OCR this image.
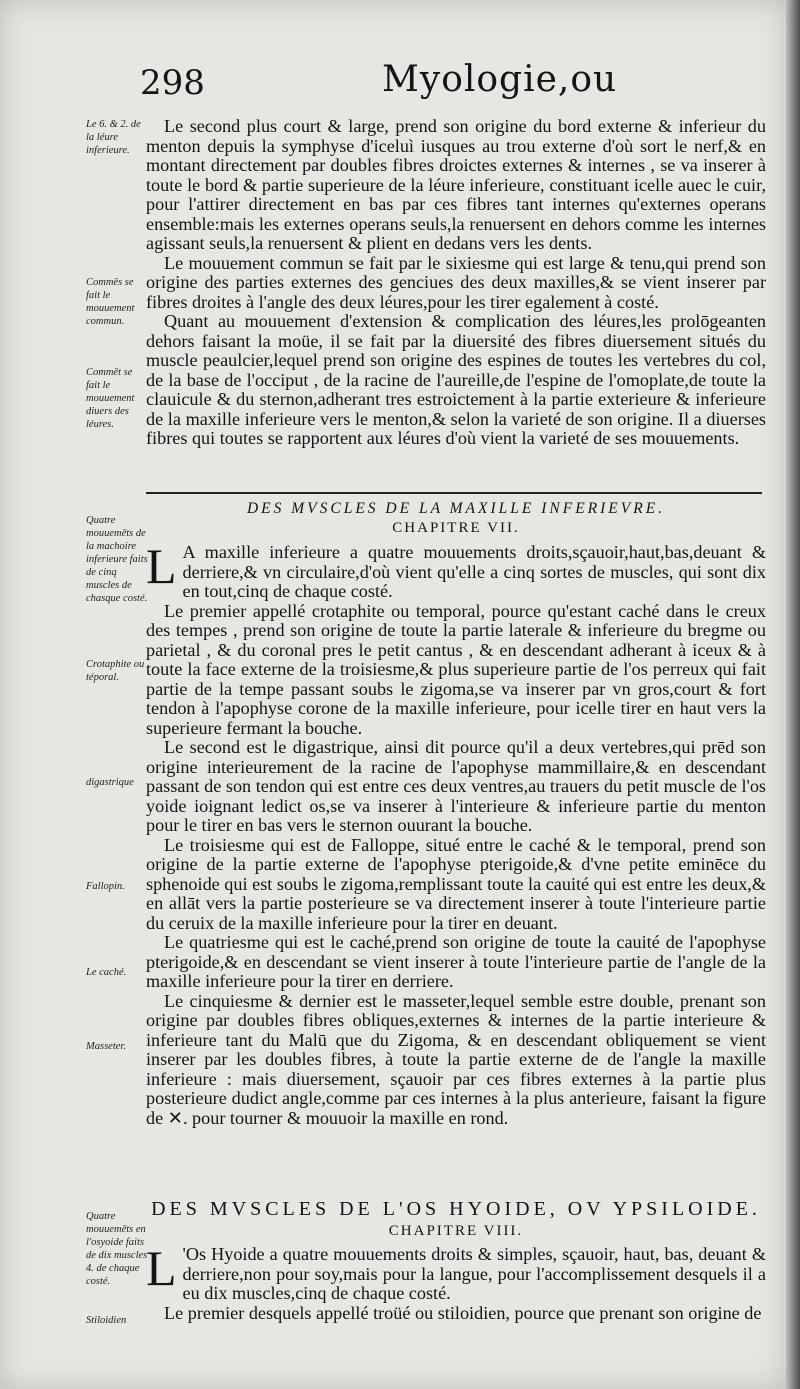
298	Myologie,ou
Le 6. & 2. de la léure inferieure.
Commēs se fait le mouuement commun.
Commēt se fait le mouuement diuers des léures.

Le second plus court & large, prend son origine du bord externe & inferieur du menton depuis la symphyse d'iceluì iusques au trou externe d'où sort le nerf,& en montant directement par doubles fibres droictes externes & internes , se va inserer à toute le bord & partie superieure de la léure inferieure, constituant icelle auec le cuir, pour l'attirer directement en bas par ces fibres tant internes qu'externes operans ensemble:mais les externes operans seuls,la renuersent en dehors comme les internes agissant seuls,la renuersent & plient en dedans vers les dents.

Le mouuement commun se fait par le sixiesme qui est large & tenu,qui prend son origine des parties externes des genciues des deux maxilles,& se vient inserer par fibres droites à l'angle des deux léures,pour les tirer egalement à costé.

Quant au mouuement d'extension & complication des léures,les prolōgeanten dehors faisant la moüe, il se fait par la diuersité des fibres diuersement situés du muscle peaulcier,lequel prend son origine des espines de toutes les vertebres du col, de la base de l'occiput , de la racine de l'aureille,de l'espine de l'omoplate,de toute la clauicule & du sternon,adherant tres estroictement à la partie exterieure & inferieure de la maxille inferieure vers le menton,& selon la varieté de son origine. Il a diuerses fibres qui toutes se rapportent aux léures d'où vient la varieté de ses mouuements.

DES MVSCLES DE LA MAXILLE INFERIEVRE.
CHAPITRE VII.
Quatre mouuemēts de la machoire inferieure faits de cinq muscles de chasque costé.
Crotaphite ou téporal.
digastrique
Fallopin.
Le caché.
Masseter.

L A maxille inferieure a quatre mouuements droits,sçauoir,haut,bas,deuant & derriere,& vn circulaire,d'où vient qu'elle a cinq sortes de muscles, qui sont dix en tout,cinq de chaque costé.

Le premier appellé crotaphite ou temporal, pource qu'estant caché dans le creux des tempes , prend son origine de toute la partie laterale & inferieure du bregme ou parietal , & du coronal pres le petit cantus , & en descendant adherant à iceux & à toute la face externe de la troisiesme,& plus superieure partie de l'os perreux qui fait partie de la tempe passant soubs le zigoma,se va inserer par vn gros,court & fort tendon à l'apophyse corone de la maxille inferieure, pour icelle tirer en haut vers la superieure fermant la bouche.

Le second est le digastrique, ainsi dit pource qu'il a deux vertebres,qui prēd son origine interieurement de la racine de l'apophyse mammillaire,& en descendant passant de son tendon qui est entre ces deux ventres,au trauers du petit muscle de l'os yoide ioignant ledict os,se va inserer à l'interieure & inferieure partie du menton pour le tirer en bas vers le sternon ouurant la bouche.

Le troisiesme qui est de Falloppe, situé entre le caché & le temporal, prend son origine de la partie externe de l'apophyse pterigoide,& d'vne petite eminēce du sphenoide qui est soubs le zigoma,remplissant toute la cauité qui est entre les deux,& en allāt vers la partie posterieure se va directement inserer à toute l'interieure partie du ceruix de la maxille inferieure pour la tirer en deuant.

Le quatriesme qui est le caché,prend son origine de toute la cauité de l'apophyse pterigoide,& en descendant se vient inserer à toute l'interieure partie de l'angle de la maxille inferieure pour la tirer en derriere.

Le cinquiesme & dernier est le masseter,lequel semble estre double, prenant son origine par doubles fibres obliques,externes & internes de la partie interieure & inferieure tant du Malū que du Zigoma, & en descendant obliquement se vient inserer par les doubles fibres, à toute la partie externe de de l'angle la maxille inferieure : mais diuersement, sçauoir par ces fibres externes à la partie plus posterieure dudict angle,comme par ces internes à la plus anterieure, faisant la figure de ✕. pour tourner & mouuoir la maxille en rond.

DES MVSCLES DE L'OS HYOIDE, OV YPSILOIDE.
CHAPITRE VIII.
Quatre mouuemēts en l'osyoide faits de dix muscles 4. de chaque costé.
Stiloidien

L 'Os Hyoide a quatre mouuements droits & simples, sçauoir, haut, bas, deuant & derriere,non pour soy,mais pour la langue, pour l'accomplissement desquels il a eu dix muscles,cinq de chaque costé.

Le premier desquels appellé troüé ou stiloidien, pource que prenant son origine de
